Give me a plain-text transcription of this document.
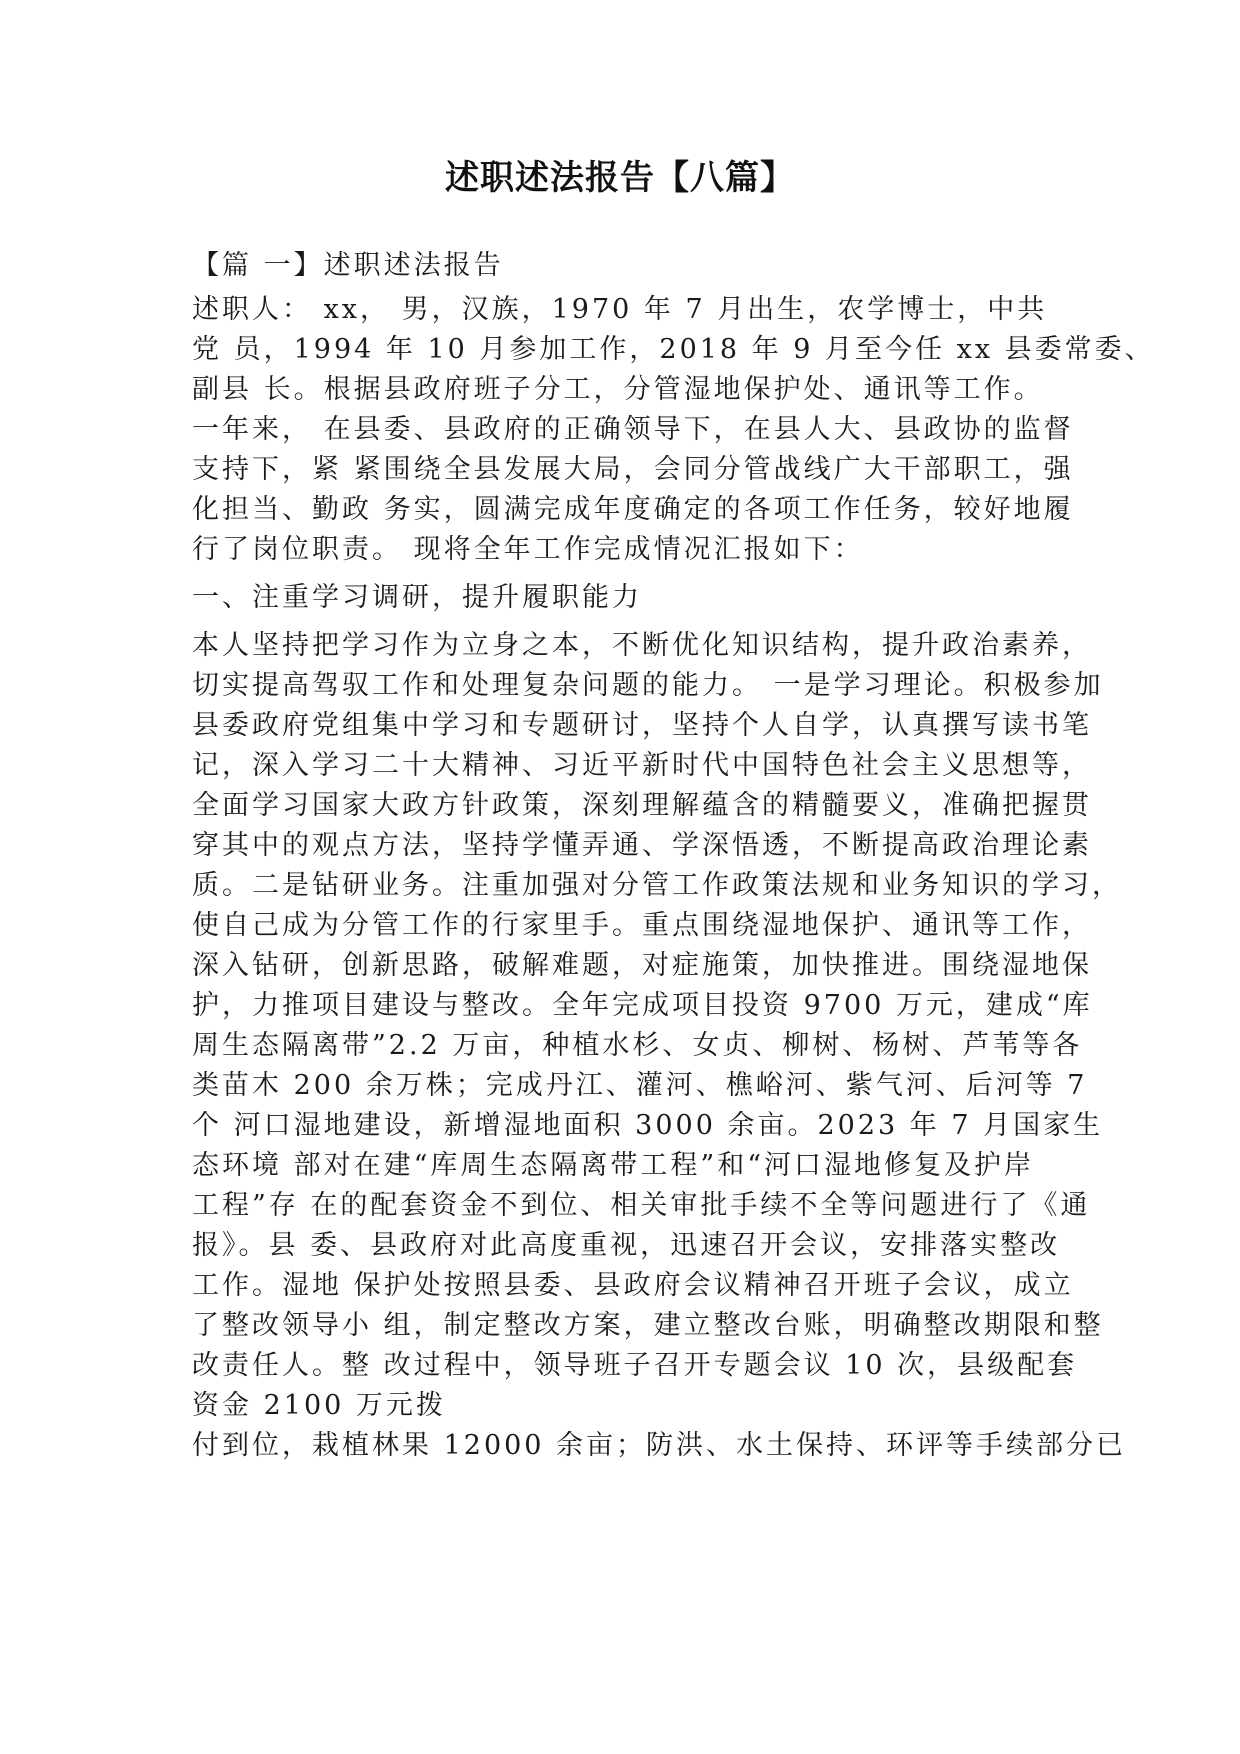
述职述法报告【八篇】
【篇 一】述职述法报告
述职人： xx， 男，汉族，1970 年 7 月出生，农学博士，中共
党 员，1994 年 10 月参加工作，2018 年 9 月至今任 xx 县委常委、
副县 长。根据县政府班子分工，分管湿地保护处、通讯等工作。
一年来， 在县委、县政府的正确领导下，在县人大、县政协的监督
支持下，紧 紧围绕全县发展大局，会同分管战线广大干部职工，强
化担当、勤政 务实，圆满完成年度确定的各项工作任务，较好地履
行了岗位职责。 现将全年工作完成情况汇报如下：
一、注重学习调研，提升履职能力
本人坚持把学习作为立身之本，不断优化知识结构，提升政治素养，
切实提高驾驭工作和处理复杂问题的能力。 一是学习理论。积极参加
县委政府党组集中学习和专题研讨，坚持个人自学，认真撰写读书笔
记，深入学习二十大精神、习近平新时代中国特色社会主义思想等，
全面学习国家大政方针政策，深刻理解蕴含的精髓要义，准确把握贯
穿其中的观点方法，坚持学懂弄通、学深悟透，不断提高政治理论素
质。二是钻研业务。注重加强对分管工作政策法规和业务知识的学习，
使自己成为分管工作的行家里手。重点围绕湿地保护、通讯等工作，
深入钻研，创新思路，破解难题，对症施策，加快推进。围绕湿地保
护，力推项目建设与整改。全年完成项目投资 9700 万元，建成“库
周生态隔离带”2.2 万亩，种植水杉、女贞、柳树、杨树、芦苇等各
类苗木 200 余万株；完成丹江、灌河、樵峪河、紫气河、后河等 7
个 河口湿地建设，新增湿地面积 3000 余亩。2023 年 7 月国家生
态环境 部对在建“库周生态隔离带工程”和“河口湿地修复及护岸
工程”存 在的配套资金不到位、相关审批手续不全等问题进行了《通
报》。县 委、县政府对此高度重视，迅速召开会议，安排落实整改
工作。湿地 保护处按照县委、县政府会议精神召开班子会议，成立
了整改领导小 组，制定整改方案，建立整改台账，明确整改期限和整
改责任人。整 改过程中，领导班子召开专题会议 10 次，县级配套
资金 2100 万元拨
付到位，栽植林果 12000 余亩；防洪、水土保持、环评等手续部分已
